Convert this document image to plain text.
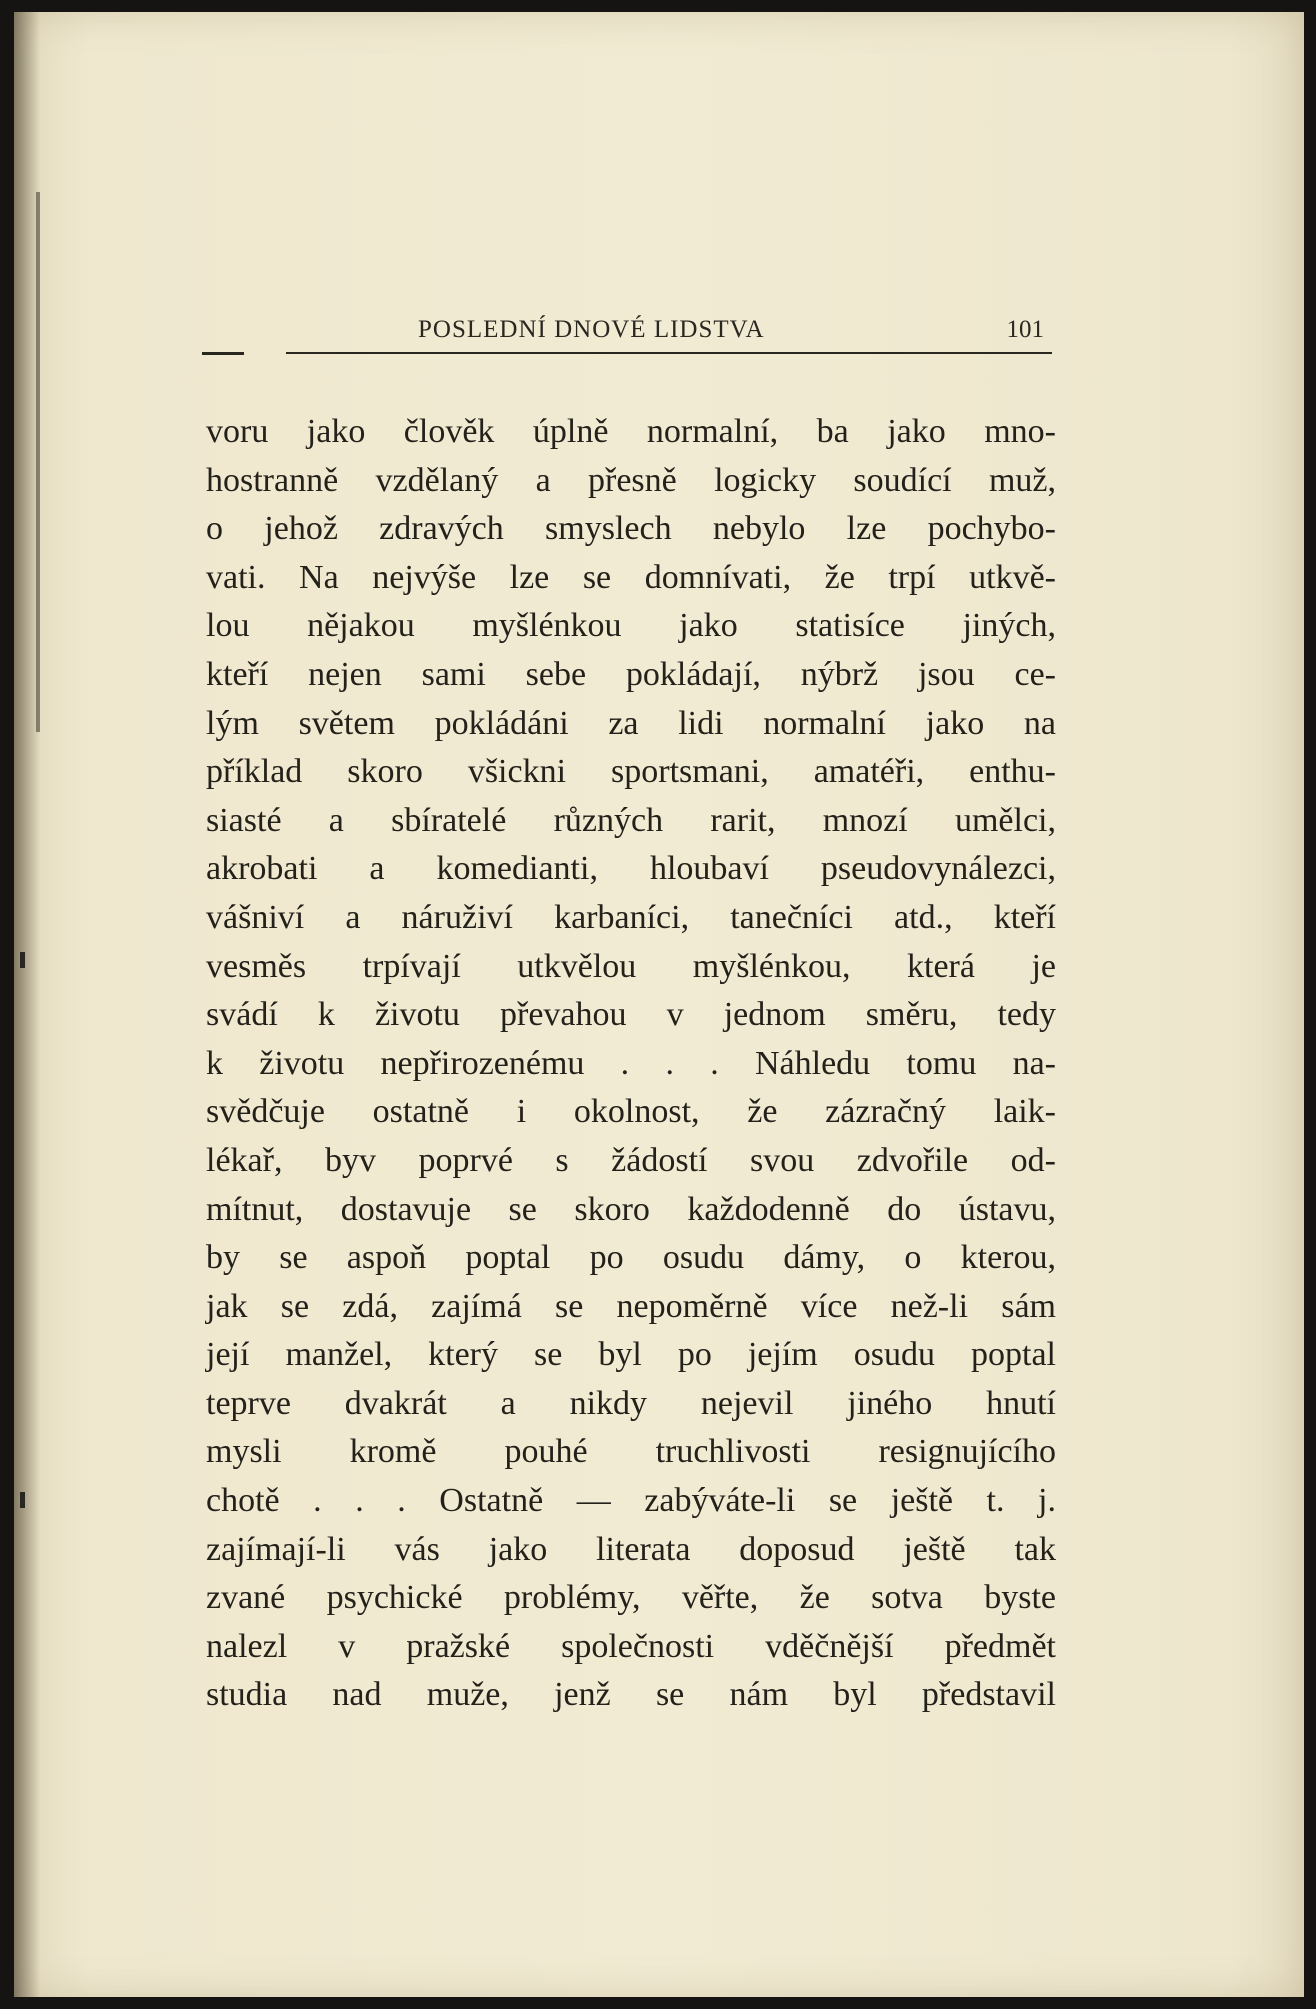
POSLEDNÍ DNOVÉ LIDSTVA	101
voru jako člověk úplně normalní, ba jako mno-
hostranně vzdělaný a přesně logicky soudící muž,
o jehož zdravých smyslech nebylo lze pochybo-
vati. Na nejvýše lze se domnívati, že trpí utkvě-
lou nějakou myšlénkou jako statisíce jiných,
kteří nejen sami sebe pokládají, nýbrž jsou ce-
lým světem pokládáni za lidi normalní jako na
příklad skoro všickni sportsmani, amatéři, enthu-
siasté a sbíratelé různých rarit, mnozí umělci,
akrobati a komedianti, hloubaví pseudovynálezci,
vášniví a náruživí karbaníci, tanečníci atd., kteří
vesměs trpívají utkvělou myšlénkou, která je
svádí k životu převahou v jednom směru, tedy
k životu nepřirozenému . . . Náhledu tomu na-
svědčuje ostatně i okolnost, že zázračný laik-
lékař, byv poprvé s žádostí svou zdvořile od-
mítnut, dostavuje se skoro každodenně do ústavu,
by se aspoň poptal po osudu dámy, o kterou,
jak se zdá, zajímá se nepoměrně více než-li sám
její manžel, který se byl po jejím osudu poptal
teprve dvakrát a nikdy nejevil jiného hnutí
mysli kromě pouhé truchlivosti resignujícího
chotě . . . Ostatně — zabýváte-li se ještě t. j.
zajímají-li vás jako literata doposud ještě tak
zvané psychické problémy, věřte, že sotva byste
nalezl v pražské společnosti vděčnější předmět
studia nad muže, jenž se nám byl představil
